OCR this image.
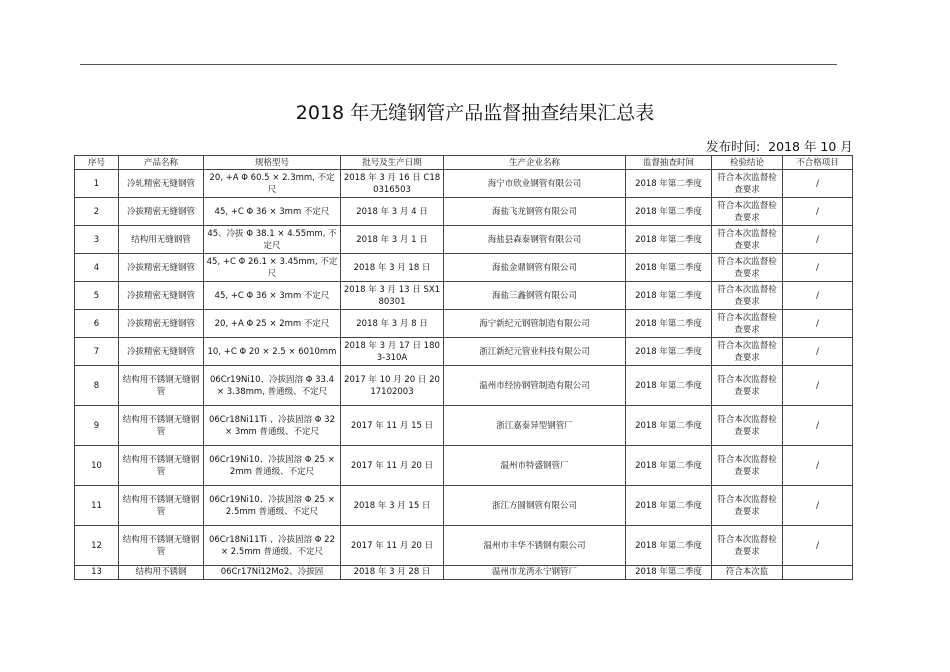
2018 年无缝钢管产品监督抽查结果汇总表
发布时间:  2018 年 10 月
序号	产品名称	规格型号	批号及生产日期	生产企业名称	监督抽查时间	检验结论	不合格项目
1	冷轧精密无缝钢管	20, +A Φ 60.5 × 2.3mm, 不定尺	2018 年 3 月 16 日 C180316503	海宁市欣业钢管有限公司	2018 年第二季度	符合本次监督检查要求	/
2	冷拔精密无缝钢管	45, +C Φ 36 × 3mm 不定尺	2018 年 3 月 4 日	海盐飞龙钢管有限公司	2018 年第二季度	符合本次监督检查要求	/
3	结构用无缝钢管	45、冷拔 Φ 38.1 × 4.55mm, 不定尺	2018 年 3 月 1 日	海盐县森泰钢管有限公司	2018 年第二季度	符合本次监督检查要求	/
4	冷拔精密无缝钢管	45, +C Φ 26.1 × 3.45mm, 不定尺	2018 年 3 月 18 日	海盐金鼎钢管有限公司	2018 年第二季度	符合本次监督检查要求	/
5	冷拔精密无缝钢管	45, +C Φ 36 × 3mm 不定尺	2018 年 3 月 13 日 SX180301	海盐三鑫钢管有限公司	2018 年第二季度	符合本次监督检查要求	/
6	冷拔精密无缝钢管	20, +A Φ 25 × 2mm 不定尺	2018 年 3 月 8 日	海宁新纪元钢管制造有限公司	2018 年第二季度	符合本次监督检查要求	/
7	冷拔精密无缝钢管	10, +C Φ 20 × 2.5 × 6010mm	2018 年 3 月 17 日 1803-310A	浙江新纪元管业科技有限公司	2018 年第二季度	符合本次监督检查要求	/
8	结构用不锈钢无缝钢管	06Cr19Ni10、冷拔固溶 Φ 33.4 × 3.38mm, 普通级、不定尺	2017 年 10 月 20 日 2017102003	温州市经协钢管制造有限公司	2018 年第二季度	符合本次监督检查要求	/
9	结构用不锈钢无缝钢管	06Cr18Ni11Ti 、冷拔固溶 Φ 32 × 3mm 普通级、不定尺	2017 年 11 月 15 日	浙江嘉泰异型钢管厂	2018 年第二季度	符合本次监督检查要求	/
10	结构用不锈钢无缝钢管	06Cr19Ni10、冷拔固溶 Φ 25 × 2mm 普通级、不定尺	2017 年 11 月 20 日	温州市特盛钢管厂	2018 年第二季度	符合本次监督检查要求	/
11	结构用不锈钢无缝钢管	06Cr19Ni10、冷拔固溶 Φ 25 × 2.5mm 普通级、不定尺	2018 年 3 月 15 日	浙江方圆钢管有限公司	2018 年第二季度	符合本次监督检查要求	/
12	结构用不锈钢无缝钢管	06Cr18Ni11Ti 、冷拔固溶 Φ 22 × 2.5mm 普通级、不定尺	2017 年 11 月 20 日	温州市丰华不锈钢有限公司	2018 年第二季度	符合本次监督检查要求	/
13	结构用不锈钢	06Cr17Ni12Mo2、冷拔固	2018 年 3 月 28 日	温州市龙湾永宁钢管厂	2018 年第二季度	符合本次监	
